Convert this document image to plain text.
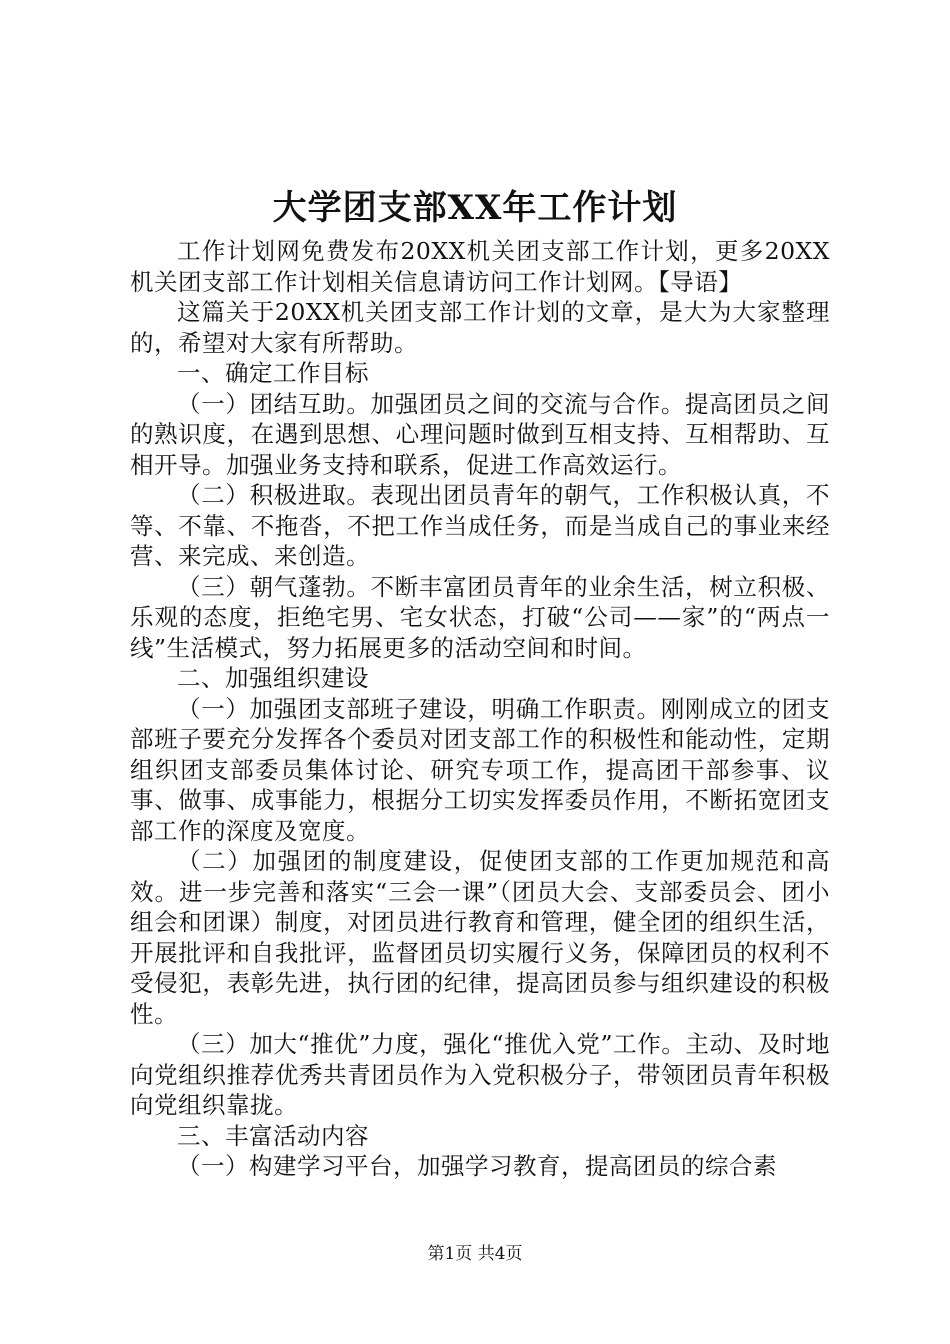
大学团支部XX年工作计划

工作计划网免费发布20XX机关团支部工作计划，更多20XX机关团支部工作计划相关信息请访问工作计划网。【导语】

这篇关于20XX机关团支部工作计划的文章，是大为大家整理的，希望对大家有所帮助。

一、确定工作目标

（一）团结互助。加强团员之间的交流与合作。提高团员之间的熟识度，在遇到思想、心理问题时做到互相支持、互相帮助、互相开导。加强业务支持和联系，促进工作高效运行。

（二）积极进取。表现出团员青年的朝气，工作积极认真，不等、不靠、不拖沓，不把工作当成任务，而是当成自己的事业来经营、来完成、来创造。

（三）朝气蓬勃。不断丰富团员青年的业余生活，树立积极、乐观的态度，拒绝宅男、宅女状态，打破“公司——家”的“两点一线”生活模式，努力拓展更多的活动空间和时间。

二、加强组织建设

（一）加强团支部班子建设，明确工作职责。刚刚成立的团支部班子要充分发挥各个委员对团支部工作的积极性和能动性，定期组织团支部委员集体讨论、研究专项工作，提高团干部参事、议事、做事、成事能力，根据分工切实发挥委员作用，不断拓宽团支部工作的深度及宽度。

（二）加强团的制度建设，促使团支部的工作更加规范和高效。进一步完善和落实“三会一课”（团员大会、支部委员会、团小组会和团课）制度，对团员进行教育和管理，健全团的组织生活，开展批评和自我批评，监督团员切实履行义务，保障团员的权利不受侵犯，表彰先进，执行团的纪律，提高团员参与组织建设的积极性。

（三）加大“推优”力度，强化“推优入党”工作。主动、及时地向党组织推荐优秀共青团员作为入党积极分子，带领团员青年积极向党组织靠拢。

三、丰富活动内容

（一）构建学习平台，加强学习教育，提高团员的综合素

第1页 共4页
